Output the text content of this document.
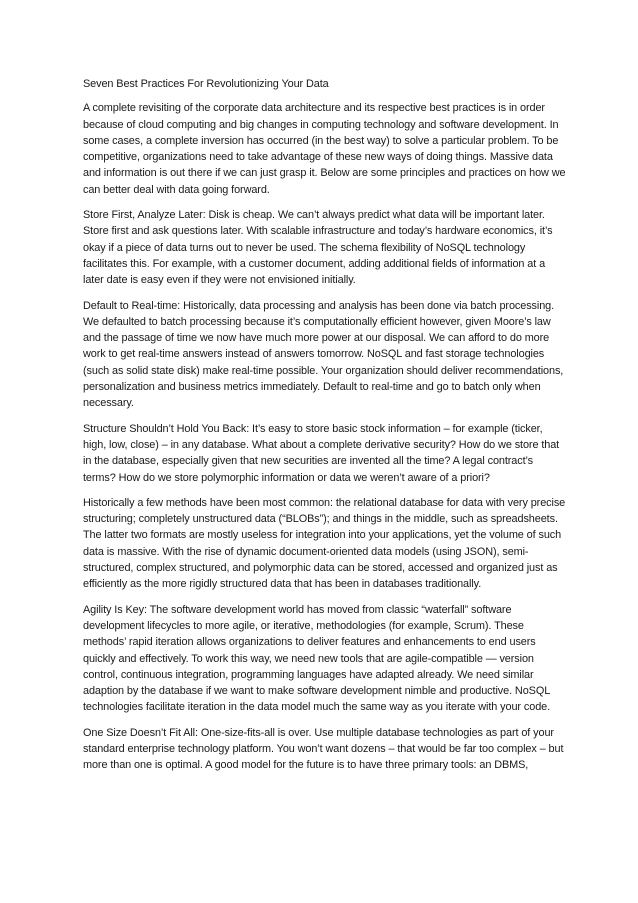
Seven Best Practices For Revolutionizing Your Data

A complete revisiting of the corporate data architecture and its respective best practices is in order because of cloud computing and big changes in computing technology and software development. In some cases, a complete inversion has occurred (in the best way) to solve a particular problem. To be competitive, organizations need to take advantage of these new ways of doing things. Massive data and information is out there if we can just grasp it. Below are some principles and practices on how we can better deal with data going forward.

Store First, Analyze Later: Disk is cheap. We can’t always predict what data will be important later. Store first and ask questions later. With scalable infrastructure and today’s hardware economics, it’s okay if a piece of data turns out to never be used. The schema flexibility of NoSQL technology facilitates this. For example, with a customer document, adding additional fields of information at a later date is easy even if they were not envisioned initially.

Default to Real-time: Historically, data processing and analysis has been done via batch processing. We defaulted to batch processing because it’s computationally efficient however, given Moore’s law and the passage of time we now have much more power at our disposal. We can afford to do more work to get real-time answers instead of answers tomorrow. NoSQL and fast storage technologies (such as solid state disk) make real-time possible. Your organization should deliver recommendations, personalization and business metrics immediately. Default to real-time and go to batch only when necessary.

Structure Shouldn’t Hold You Back: It’s easy to store basic stock information – for example (ticker, high, low, close) – in any database. What about a complete derivative security? How do we store that in the database, especially given that new securities are invented all the time? A legal contract’s terms? How do we store polymorphic information or data we weren’t aware of a priori?

Historically a few methods have been most common: the relational database for data with very precise structuring; completely unstructured data (“BLOBs”); and things in the middle, such as spreadsheets. The latter two formats are mostly useless for integration into your applications, yet the volume of such data is massive. With the rise of dynamic document-oriented data models (using JSON), semi-structured, complex structured, and polymorphic data can be stored, accessed and organized just as efficiently as the more rigidly structured data that has been in databases traditionally.

Agility Is Key: The software development world has moved from classic “waterfall” software development lifecycles to more agile, or iterative, methodologies (for example, Scrum). These methods’ rapid iteration allows organizations to deliver features and enhancements to end users quickly and effectively. To work this way, we need new tools that are agile-compatible — version control, continuous integration, programming languages have adapted already. We need similar adaption by the database if we want to make software development nimble and productive. NoSQL technologies facilitate iteration in the data model much the same way as you iterate with your code.

One Size Doesn’t Fit All: One-size-fits-all is over. Use multiple database technologies as part of your standard enterprise technology platform. You won’t want dozens – that would be far too complex – but more than one is optimal. A good model for the future is to have three primary tools: an DBMS,
